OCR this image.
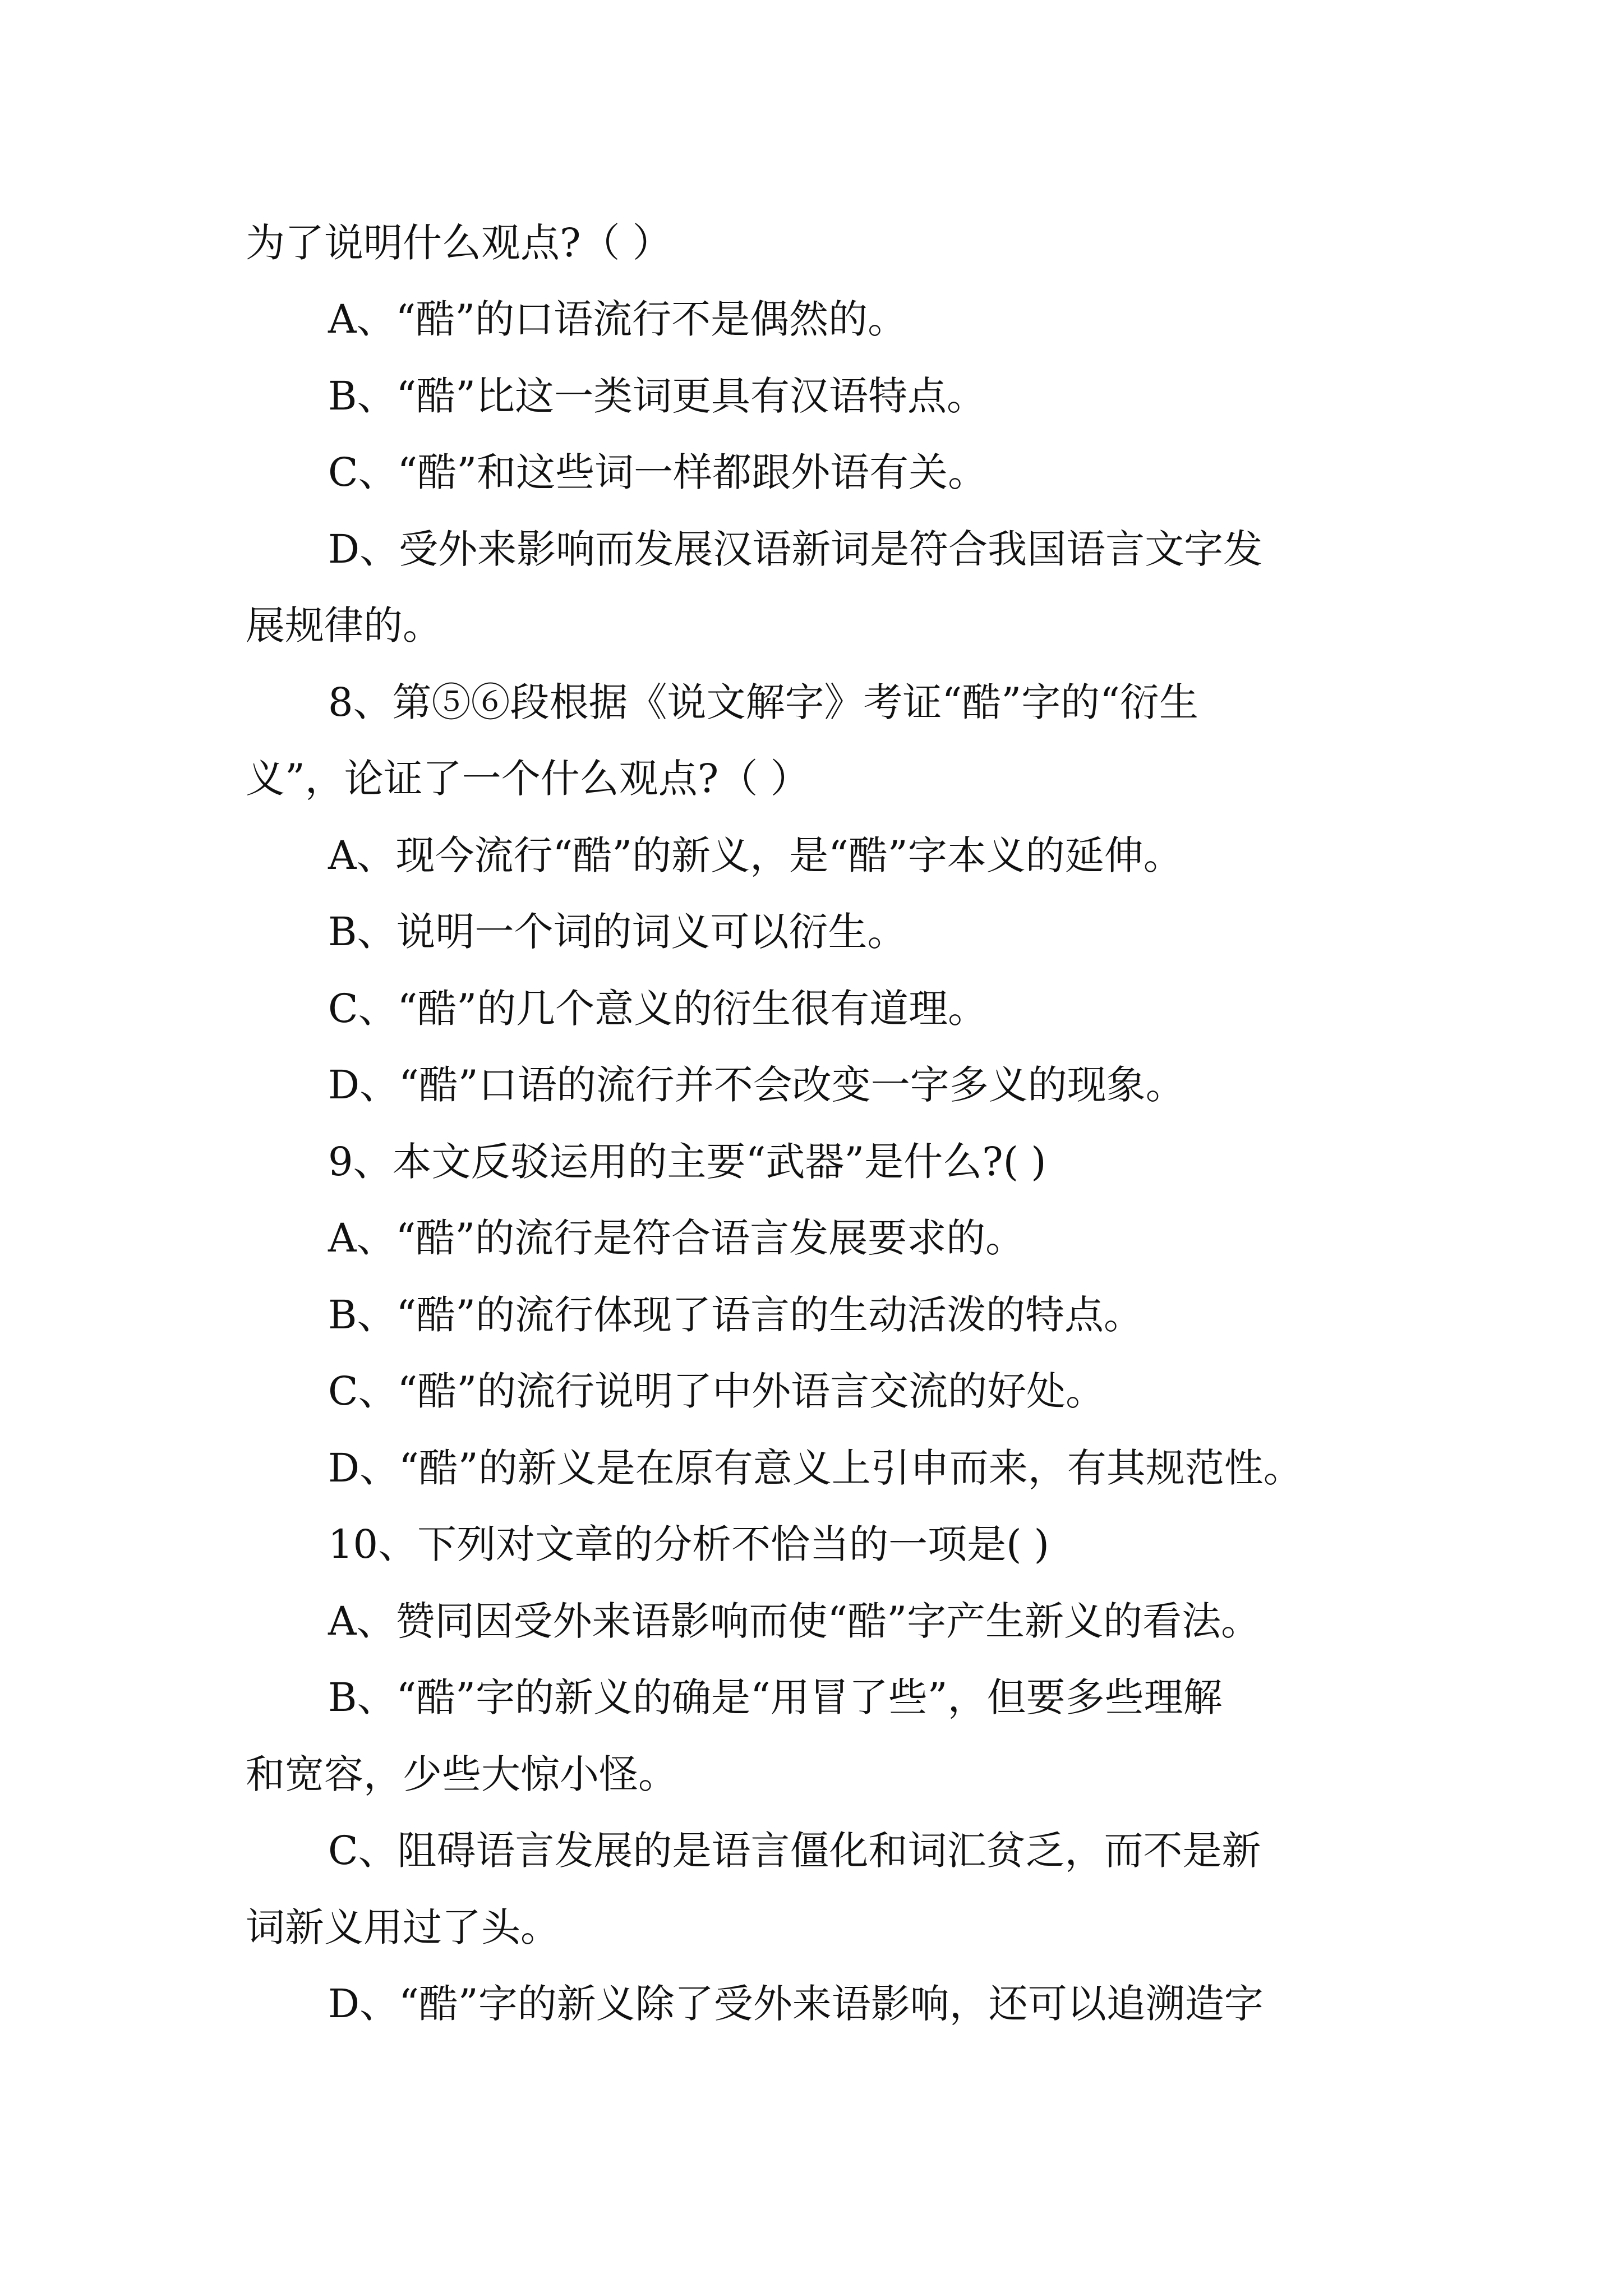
为了说明什么观点?（ ）
A、“酷”的口语流行不是偶然的。
B、“酷”比这一类词更具有汉语特点。
C、“酷”和这些词一样都跟外语有关。
D、受外来影响而发展汉语新词是符合我国语言文字发
展规律的。
8、第⑤⑥段根据《说文解字》考证“酷”字的“衍生
义”，论证了一个什么观点?（ ）
A、现今流行“酷”的新义，是“酷”字本义的延伸。
B、说明一个词的词义可以衍生。
C、“酷”的几个意义的衍生很有道理。
D、“酷”口语的流行并不会改变一字多义的现象。
9、本文反驳运用的主要“武器”是什么?( )
A、“酷”的流行是符合语言发展要求的。
B、“酷”的流行体现了语言的生动活泼的特点。
C、“酷”的流行说明了中外语言交流的好处。
D、“酷”的新义是在原有意义上引申而来，有其规范性。
10、下列对文章的分析不恰当的一项是( )
A、赞同因受外来语影响而使“酷”字产生新义的看法。
B、“酷”字的新义的确是“用冒了些”，但要多些理解
和宽容，少些大惊小怪。
C、阻碍语言发展的是语言僵化和词汇贫乏，而不是新
词新义用过了头。
D、“酷”字的新义除了受外来语影响，还可以追溯造字
